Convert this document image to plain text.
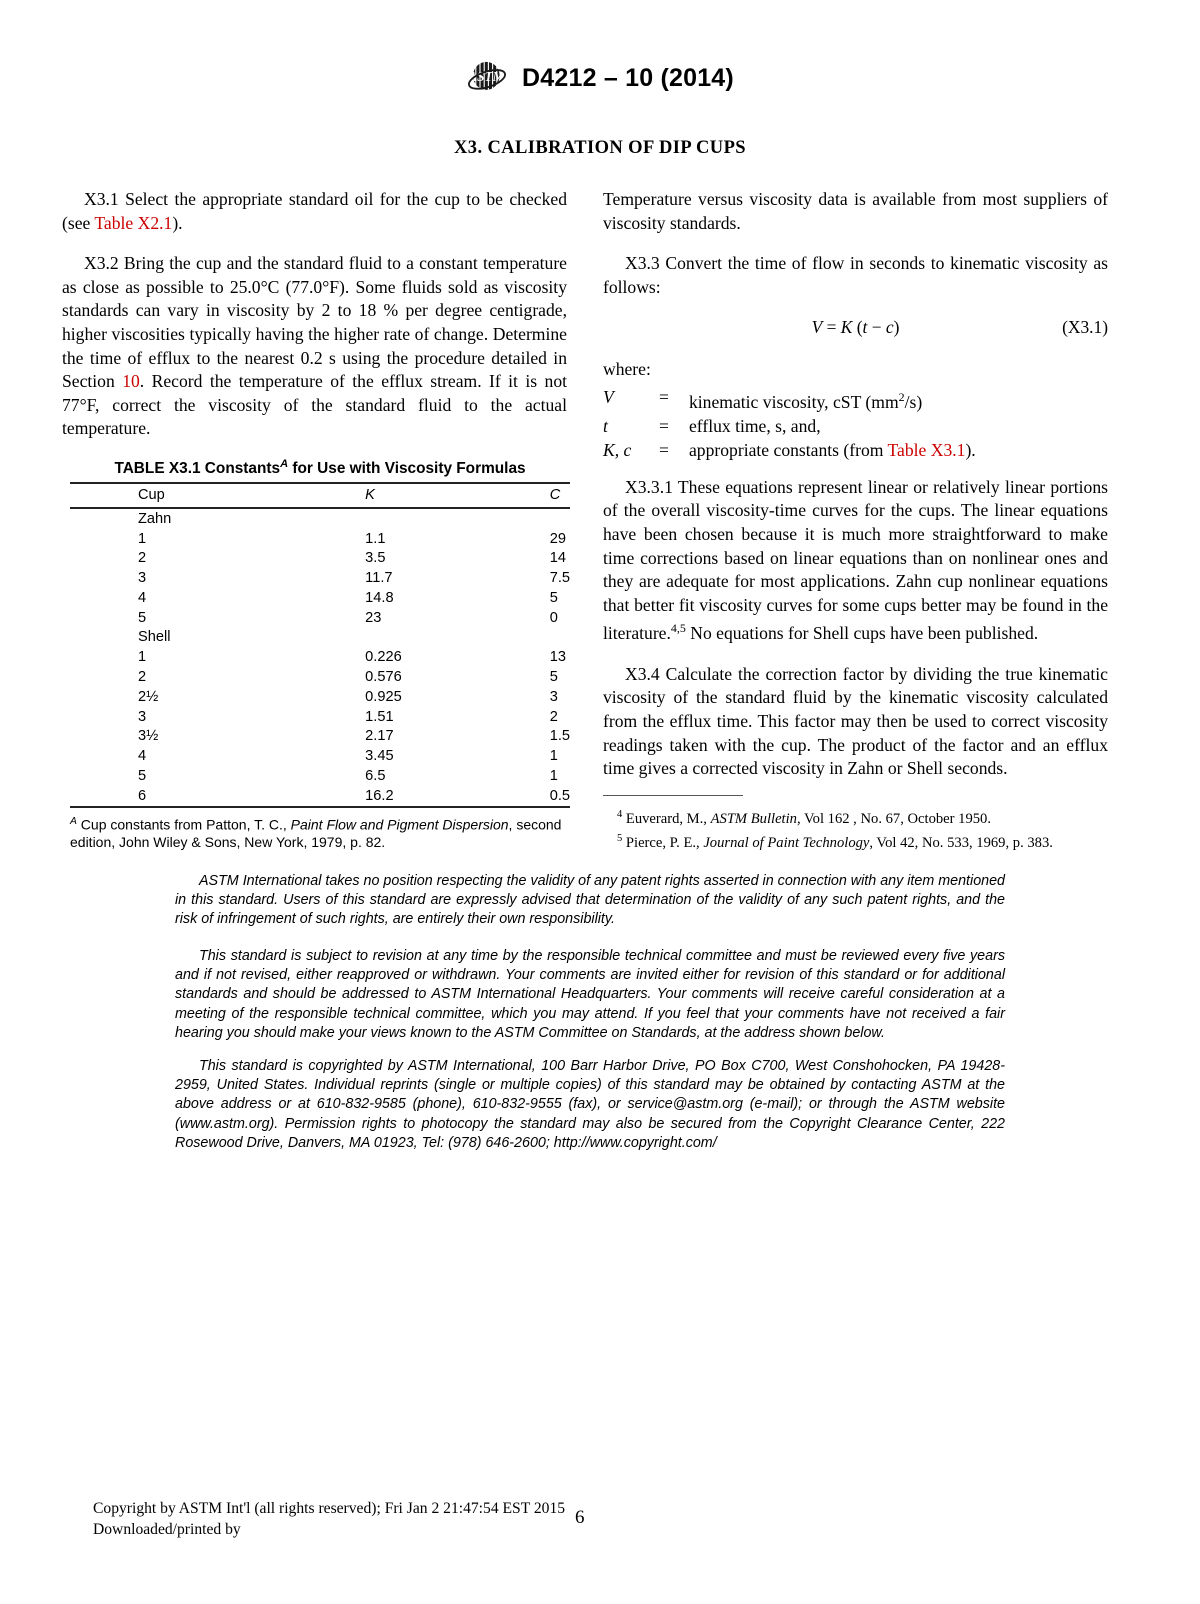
ASTM D4212 – 10 (2014)
X3. CALIBRATION OF DIP CUPS

X3.1 Select the appropriate standard oil for the cup to be checked (see Table X2.1).

X3.2 Bring the cup and the standard fluid to a constant temperature as close as possible to 25.0°C (77.0°F). Some fluids sold as viscosity standards can vary in viscosity by 2 to 18 % per degree centigrade, higher viscosities typically having the higher rate of change. Determine the time of efflux to the nearest 0.2 s using the procedure detailed in Section 10. Record the temperature of the efflux stream. If it is not 77°F, correct the viscosity of the standard fluid to the actual temperature.

TABLE X3.1 Constants$^A$ for Use with Viscosity Formulas
Cup	K	C
Zahn		
1	1.1	29
2	3.5	14
3	11.7	7.5
4	14.8	5
5	23	0
Shell		
1	0.226	13
2	0.576	5
2½	0.925	3
3	1.51	2
3½	2.17	1.5
4	3.45	1
5	6.5	1
6	16.2	0.5
$^A$ Cup constants from Patton, T. C., Paint Flow and Pigment Dispersion, second edition, John Wiley & Sons, New York, 1979, p. 82.

Temperature versus viscosity data is available from most suppliers of viscosity standards.

X3.3 Convert the time of flow in seconds to kinematic viscosity as follows:

V = K (t − c)	(X3.1)
where:
V	=	kinematic viscosity, cST $(mm^2/s)$
t	=	efflux time, s, and,
K, c	=	appropriate constants (from Table X3.1).

X3.3.1 These equations represent linear or relatively linear portions of the overall viscosity-time curves for the cups. The linear equations have been chosen because it is much more straightforward to make time corrections based on linear equations than on nonlinear ones and they are adequate for most applications. Zahn cup nonlinear equations that better fit viscosity curves for some cups better may be found in the literature.$^{4,5}$ No equations for Shell cups have been published.

X3.4 Calculate the correction factor by dividing the true kinematic viscosity of the standard fluid by the kinematic viscosity calculated from the efflux time. This factor may then be used to correct viscosity readings taken with the cup. The product of the factor and an efflux time gives a corrected viscosity in Zahn or Shell seconds.

$^4$ Euverard, M., ASTM Bulletin, Vol 162 , No. 67, October 1950.
$^5$ Pierce, P. E., Journal of Paint Technology, Vol 42, No. 533, 1969, p. 383.

ASTM International takes no position respecting the validity of any patent rights asserted in connection with any item mentioned in this standard. Users of this standard are expressly advised that determination of the validity of any such patent rights, and the risk of infringement of such rights, are entirely their own responsibility.

This standard is subject to revision at any time by the responsible technical committee and must be reviewed every five years and if not revised, either reapproved or withdrawn. Your comments are invited either for revision of this standard or for additional standards and should be addressed to ASTM International Headquarters. Your comments will receive careful consideration at a meeting of the responsible technical committee, which you may attend. If you feel that your comments have not received a fair hearing you should make your views known to the ASTM Committee on Standards, at the address shown below.

This standard is copyrighted by ASTM International, 100 Barr Harbor Drive, PO Box C700, West Conshohocken, PA 19428-2959, United States. Individual reprints (single or multiple copies) of this standard may be obtained by contacting ASTM at the above address or at 610-832-9585 (phone), 610-832-9555 (fax), or service@astm.org (e-mail); or through the ASTM website (www.astm.org). Permission rights to photocopy the standard may also be secured from the Copyright Clearance Center, 222 Rosewood Drive, Danvers, MA 01923, Tel: (978) 646-2600; http://www.copyright.com/

Copyright by ASTM Int'l (all rights reserved); Fri Jan 2 21:47:54 EST 2015
Downloaded/printed by
6
